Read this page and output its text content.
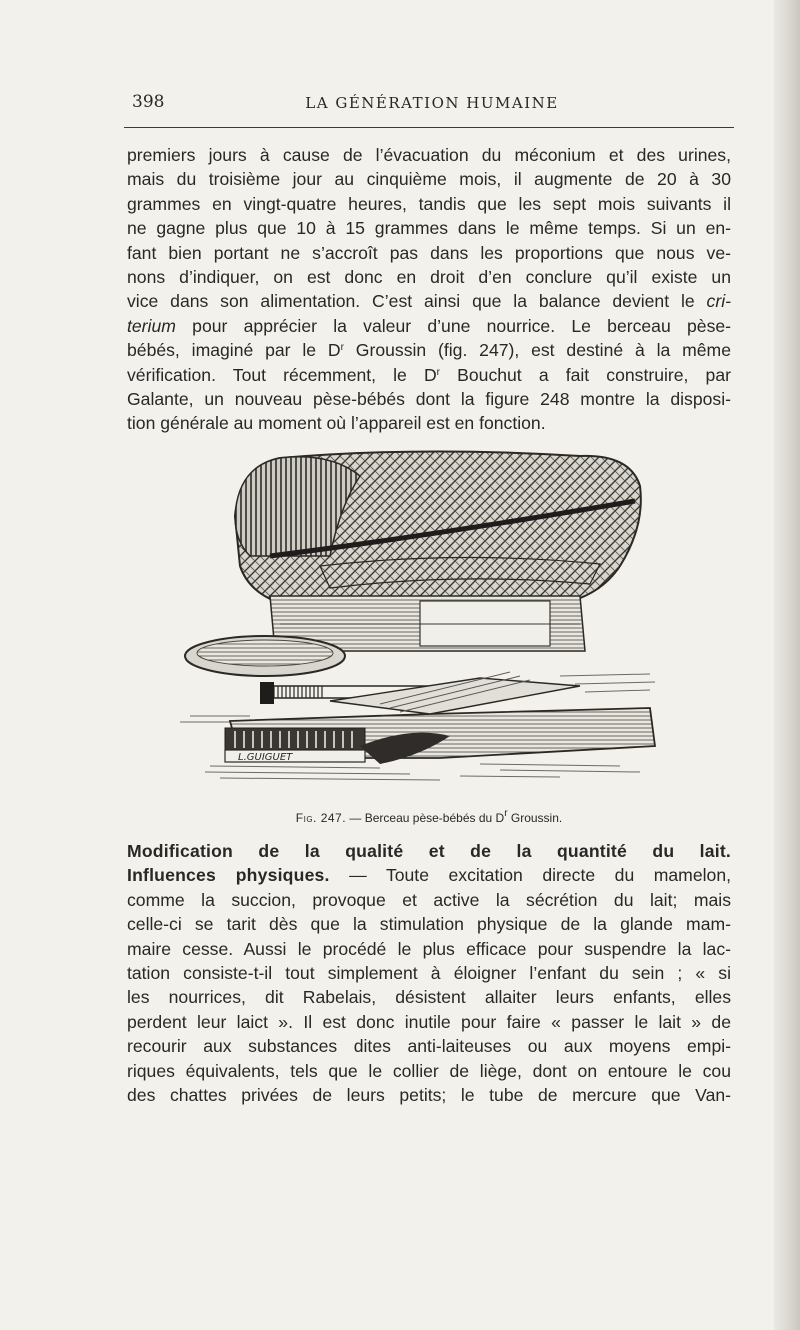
398	LA GÉNÉRATION HUMAINE

premiers jours à cause de l’évacuation du méconium et des urines,
mais du troisième jour au cinquième mois, il augmente de 20 à 30
grammes en vingt-quatre heures, tandis que les sept mois suivants il
ne gagne plus que 10 à 15 grammes dans le même temps. Si un en-
fant bien portant ne s’accroît pas dans les proportions que nous ve-
nons d’indiquer, on est donc en droit d’en conclure qu’il existe un
vice dans son alimentation. C’est ainsi que la balance devient le cri-
terium pour apprécier la valeur d’une nourrice. Le berceau pèse-
bébés, imaginé par le $D^r$ Groussin (fig. 247), est destiné à la même
vérification. Tout récemment, le $D^r$ Bouchut a fait construire, par
Galante, un nouveau pèse-bébés dont la figure 248 montre la disposi-
tion générale au moment où l’appareil est en fonction.

L.GUIGUET
Fig. 247. — Berceau pèse-bébés du $D^r$ Groussin.

Modification de la qualité et de la quantité du lait.
Influences physiques. — Toute excitation directe du mamelon,
comme la succion, provoque et active la sécrétion du lait; mais
celle-ci se tarit dès que la stimulation physique de la glande mam-
maire cesse. Aussi le procédé le plus efficace pour suspendre la lac-
tation consiste-t-il tout simplement à éloigner l’enfant du sein ; « si
les nourrices, dit Rabelais, désistent allaiter leurs enfants, elles
perdent leur laict ». Il est donc inutile pour faire « passer le lait » de
recourir aux substances dites anti-laiteuses ou aux moyens empi-
riques équivalents, tels que le collier de liège, dont on entoure le cou
des chattes privées de leurs petits; le tube de mercure que Van-
